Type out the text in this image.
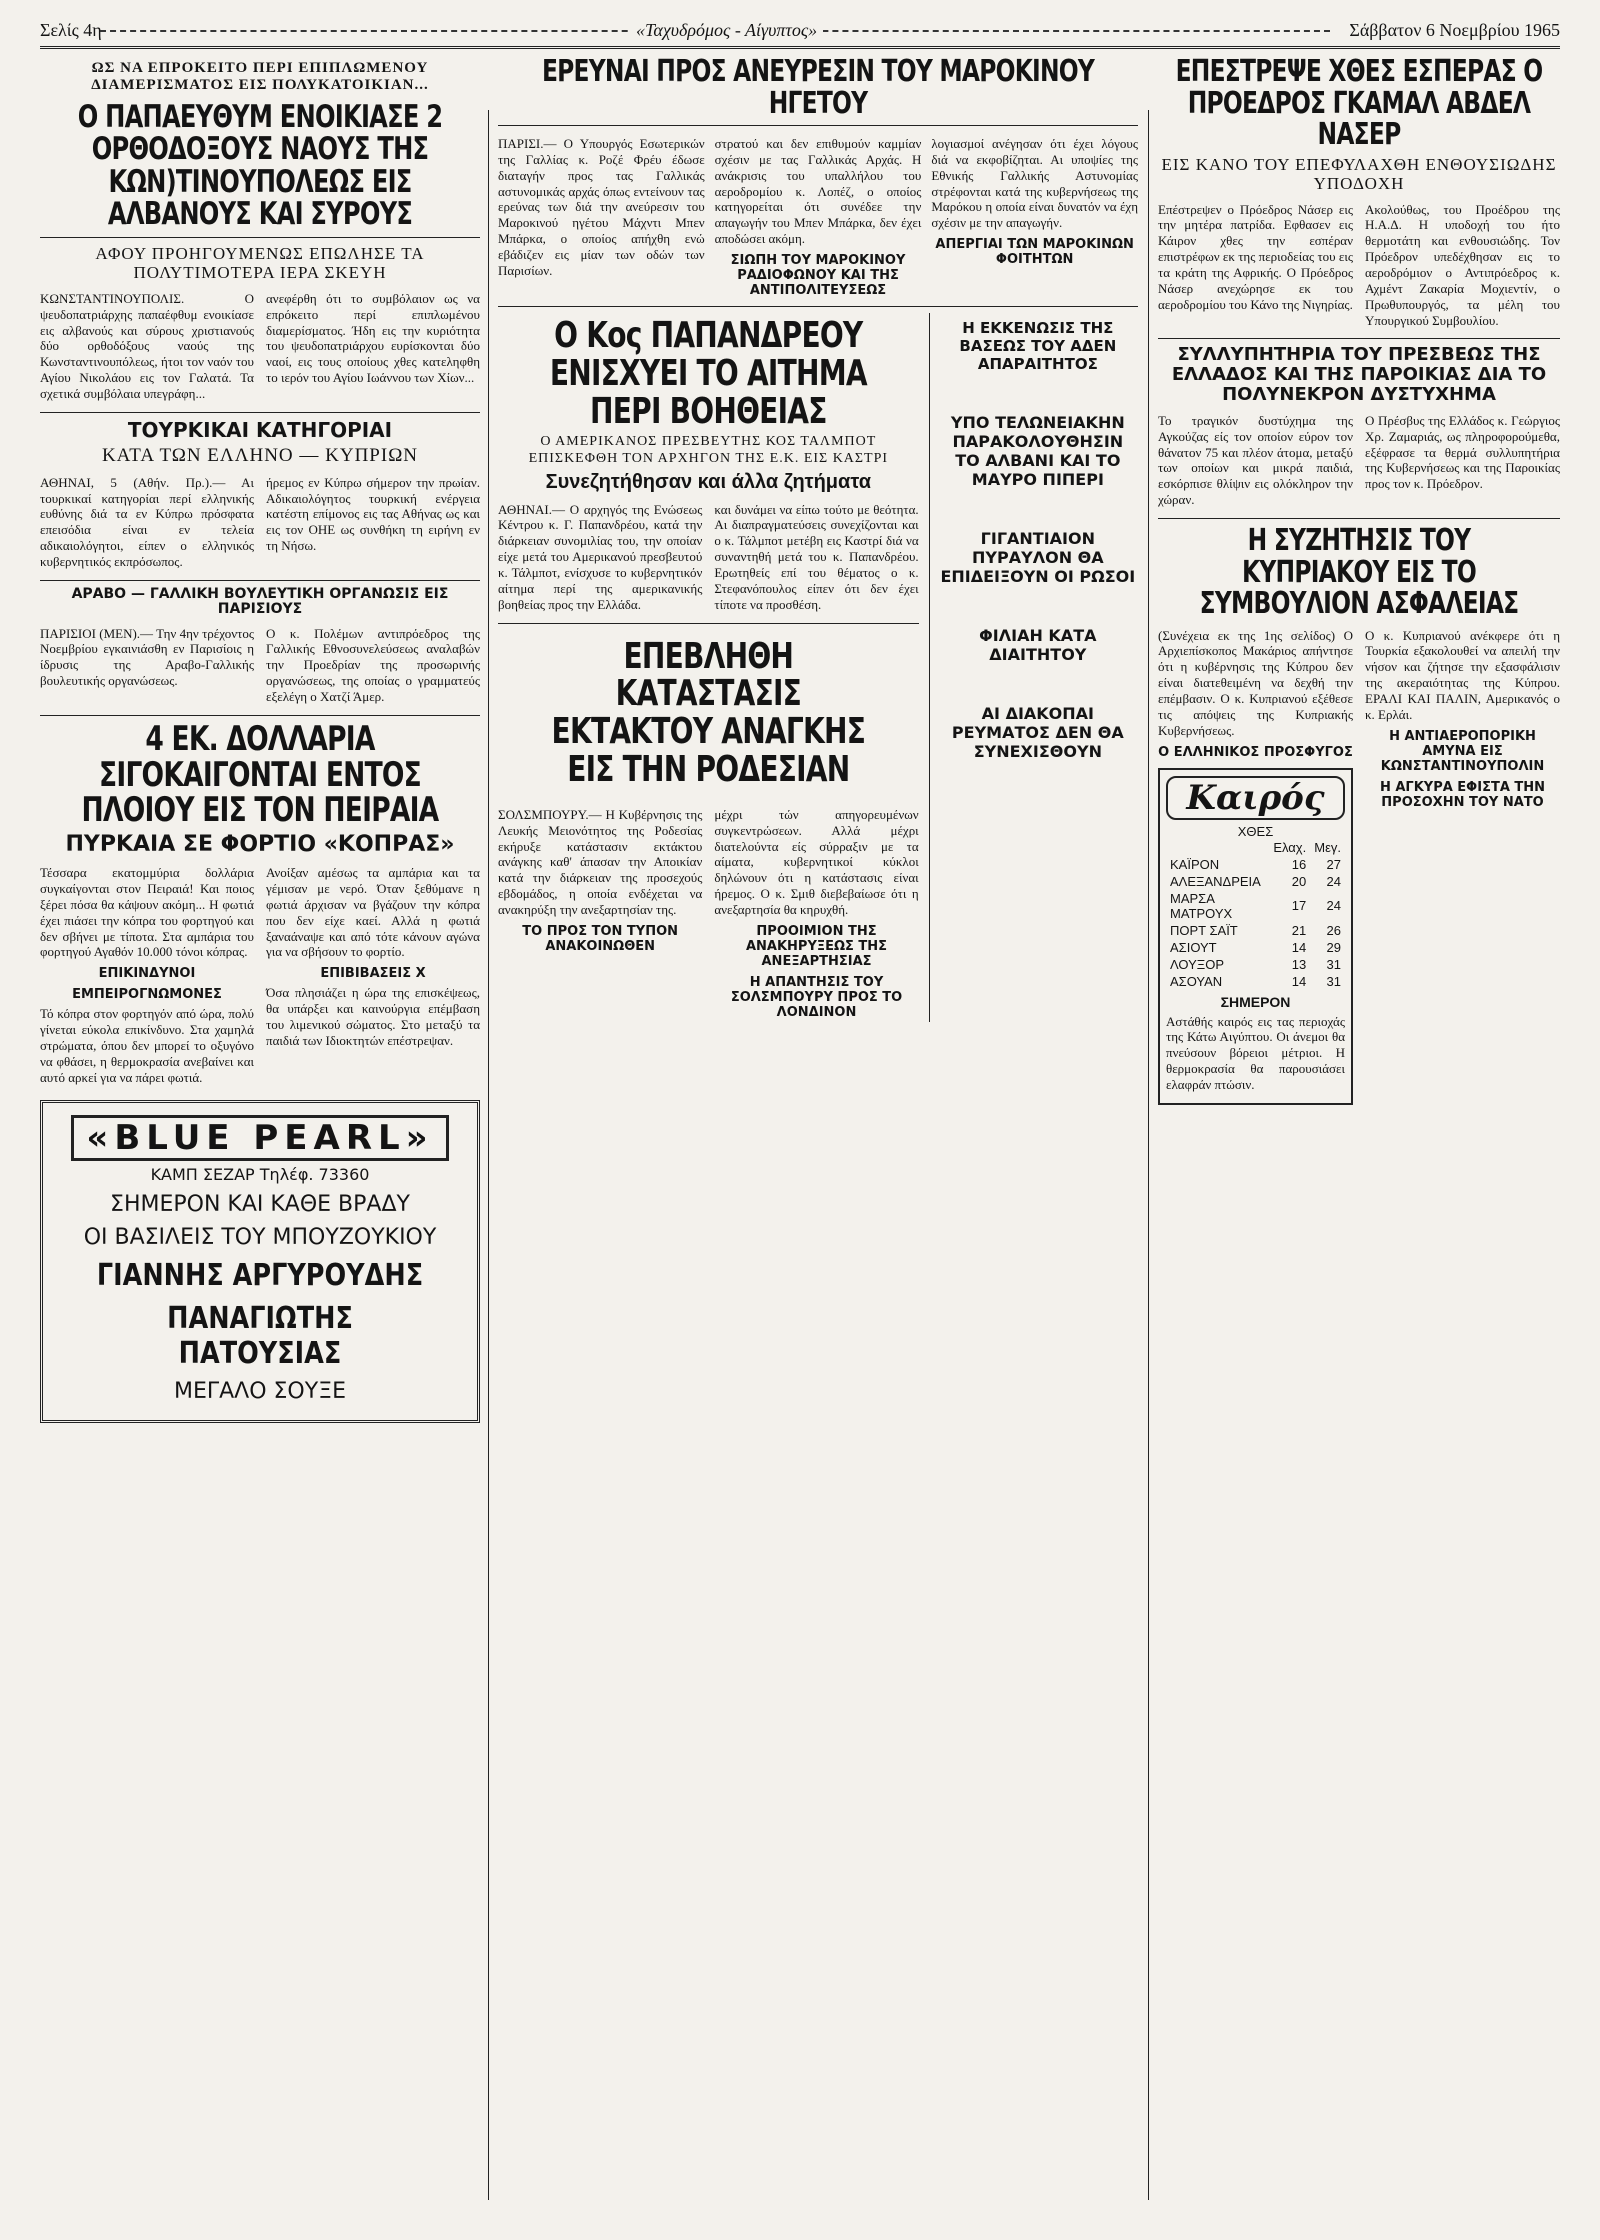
Σελίς 4η	«Ταχυδρόμος - Αίγυπτος»	Σάββατον 6 Νοεμβρίου 1965
ΩΣ ΝΑ ΕΠΡΟΚΕΙΤΟ ΠΕΡΙ ΕΠΙΠΛΩΜΕΝΟΥ ΔΙΑΜΕΡΙΣΜΑΤΟΣ ΕΙΣ ΠΟΛΥΚΑΤΟΙΚΙΑΝ...
Ο ΠΑΠΑΕΥΘΥΜ ΕΝΟΙΚΙΑΣΕ 2 ΟΡΘΟΔΟΞΟΥΣ ΝΑΟΥΣ ΤΗΣ ΚΩΝ)ΤΙΝΟΥΠΟΛΕΩΣ ΕΙΣ ΑΛΒΑΝΟΥΣ ΚΑΙ ΣΥΡΟΥΣ
ΑΦΟΥ ΠΡΟΗΓΟΥΜΕΝΩΣ ΕΠΩΛΗΣΕ ΤΑ ΠΟΛΥΤΙΜΟΤΕΡΑ ΙΕΡΑ ΣΚΕΥΗ
ΚΩΝΣΤΑΝΤΙΝΟΥΠΟΛΙΣ. Ο ψευδοπατριάρχης παπαέφθυμ ενοικίασε εις αλβανούς και σύρους χριστιανούς δύο ορθοδόξους ναούς της Κωνσταντινουπόλεως, ήτοι τον ναόν του Αγίου Νικολάου εις τον Γαλατά. Τα σχετικά συμβόλαια υπεγράφη...
ανεφέρθη ότι το συμβόλαιον ως να επρόκειτο περί επιπλωμένου διαμερίσματος. Ήδη εις την κυριότητα του ψευδοπατριάρχου ευρίσκονται δύο ναοί, εις τους οποίους χθες κατεληφθη το ιερόν του Αγίου Ιωάννου των Χίων...
ΤΟΥΡΚΙΚΑΙ ΚΑΤΗΓΟΡΙΑΙ
ΚΑΤΑ ΤΩΝ ΕΛΛΗΝΟ — ΚΥΠΡΙΩΝ
ΑΘΗΝΑΙ, 5 (Αθήν. Πρ.).— Αι τουρκικαί κατηγορίαι περί ελληνικής ευθύνης διά τα εν Κύπρω πρόσφατα επεισόδια είναι εν τελεία αδικαιολόγητοι, είπεν ο ελληνικός κυβερνητικός εκπρόσωπος.
ήρεμος εν Κύπρω σήμερον την πρωίαν. Αδικαιολόγητος τουρκική ενέργεια κατέστη επίμονος εις τας Αθήνας ως και εις τον ΟΗΕ ως συνθήκη τη ειρήνη εν τη Νήσω.
ΑΡΑΒΟ — ΓΑΛΛΙΚΗ ΒΟΥΛΕΥΤΙΚΗ ΟΡΓΑΝΩΣΙΣ ΕΙΣ ΠΑΡΙΣΙΟΥΣ
ΠΑΡΙΣΙΟΙ (ΜΕΝ).— Την 4ην τρέχοντος Νοεμβρίου εγκαινιάσθη εν Παρισίοις η ίδρυσις της Αραβο-Γαλλικής βουλευτικής οργανώσεως.
Ο κ. Πολέμων αντιπρόεδρος της Γαλλικής Εθνοσυνελεύσεως αναλαβών την Προεδρίαν της προσωρινής οργανώσεως, της οποίας ο γραμματεύς εξελέγη ο Χατζί Άμερ.
4 ΕΚ. ΔΟΛΛΑΡΙΑ ΣΙΓΟΚΑΙΓΟΝΤΑΙ ΕΝΤΟΣ ΠΛΟΙΟΥ ΕΙΣ ΤΟΝ ΠΕΙΡΑΙΑ
ΠΥΡΚΑΙΑ ΣΕ ΦΟΡΤΙΟ «ΚΟΠΡΑΣ»
Τέσσαρα εκατομμύρια δολλάρια συγκαίγονται στον Πειραιά! Και ποιος ξέρει πόσα θα κάψουν ακόμη... Η φωτιά έχει πιάσει την κόπρα του φορτηγού και δεν σβήνει με τίποτα. Στα αμπάρια του φορτηγού Αγαθόν 10.000 τόνοι κόπρας.
ΕΠΙΚΙΝΔΥΝΟΙ
ΕΜΠΕΙΡΟΓΝΩΜΟΝΕΣ
Τό κόπρα στον φορτηγόν από ώρα, πολύ γίνεται εύκολα επικίνδυνο. Στα χαμηλά στρώματα, όπου δεν μπορεί το οξυγόνο να φθάσει, η θερμοκρασία ανεβαίνει και αυτό αρκεί για να πάρει φωτιά.
Ανοίξαν αμέσως τα αμπάρια και τα γέμισαν με νερό. Όταν ξεθύμανε η φωτιά άρχισαν να βγάζουν την κόπρα που δεν είχε καεί. Αλλά η φωτιά ξαναάναψε και από τότε κάνουν αγώνα για να σβήσουν το φορτίο.
ΕΠΙΒΙΒΑΣΕΙΣ Χ
Όσα πλησιάζει η ώρα της επισκέψεως, θα υπάρξει και καινούργια επέμβαση του λιμενικού σώματος. Στο μεταξύ τα παιδιά των Ιδιοκτητών επέστρεψαν.
«BLUE PEARL»
ΚΑΜΠ ΣΕΖΑΡ Τηλέφ. 73360
ΣΗΜΕΡΟΝ ΚΑΙ ΚΑΘΕ ΒΡΑΔΥ
ΟΙ ΒΑΣΙΛΕΙΣ ΤΟΥ ΜΠΟΥΖΟΥΚΙΟΥ
ΓΙΑΝΝΗΣ ΑΡΓΥΡΟΥΔΗΣ
ΠΑΝΑΓΙΩΤΗΣ ΠΑΤΟΥΣΙΑΣ
ΜΕΓΑΛΟ ΣΟΥΞΕ
ΕΡΕΥΝΑΙ ΠΡΟΣ ΑΝΕΥΡΕΣΙΝ ΤΟΥ ΜΑΡΟΚΙΝΟΥ ΗΓΕΤΟΥ
ΠΑΡΙΣΙ.— Ο Υπουργός Εσωτερικών της Γαλλίας κ. Ροζέ Φρέυ έδωσε διαταγήν προς τας Γαλλικάς αστυνομικάς αρχάς όπως εντείνουν τας ερεύνας των διά την ανεύρεσιν του Μαροκινού ηγέτου Μάχντι Μπεν Μπάρκα, ο οποίος απήχθη ενώ εβάδιζεν εις μίαν των οδών των Παρισίων.
στρατού και δεν επιθυμούν καμμίαν σχέσιν με τας Γαλλικάς Αρχάς. Η ανάκρισις του υπαλλήλου του αεροδρομίου κ. Λοπέζ, ο οποίος κατηγορείται ότι συνέδεε την απαγωγήν του Μπεν Μπάρκα, δεν έχει αποδώσει ακόμη.
ΣΙΩΠΗ ΤΟΥ ΜΑΡΟΚΙΝΟΥ ΡΑΔΙΟΦΩΝΟΥ ΚΑΙ ΤΗΣ ΑΝΤΙΠΟΛΙΤΕΥΣΕΩΣ
λογιασμοί ανέγησαν ότι έχει λόγους διά να εκφοβίζηται. Αι υποψίες της Εθνικής Γαλλικής Αστυνομίας στρέφονται κατά της κυβερνήσεως της Μαρόκου η οποία είναι δυνατόν να έχη σχέσιν με την απαγωγήν.
ΑΠΕΡΓΙΑΙ ΤΩΝ ΜΑΡΟΚΙΝΩΝ ΦΟΙΤΗΤΩΝ
Ο Κος ΠΑΠΑΝΔΡΕΟΥ ΕΝΙΣΧΥΕΙ ΤΟ ΑΙΤΗΜΑ ΠΕΡΙ ΒΟΗΘΕΙΑΣ
Ο ΑΜΕΡΙΚΑΝΟΣ ΠΡΕΣΒΕΥΤΗΣ ΚΟΣ ΤΑΛΜΠΟΤ ΕΠΙΣΚΕΦΘΗ ΤΟΝ ΑΡΧΗΓΟΝ ΤΗΣ Ε.Κ. ΕΙΣ ΚΑΣΤΡΙ
Συνεζητήθησαν και άλλα ζητήματα
ΑΘΗΝΑΙ.— Ο αρχηγός της Ενώσεως Κέντρου κ. Γ. Παπανδρέου, κατά την διάρκειαν συνομιλίας του, την οποίαν είχε μετά του Αμερικανού πρεσβευτού κ. Τάλμποτ, ενίσχυσε το κυβερνητικόν αίτημα περί της αμερικανικής βοηθείας προς την Ελλάδα.
και δυνάμει να είπω τούτο με θεότητα. Αι διαπραγματεύσεις συνεχίζονται και ο κ. Τάλμποτ μετέβη εις Καστρί διά να συναντηθή μετά του κ. Παπανδρέου. Ερωτηθείς επί του θέματος ο κ. Στεφανόπουλος είπεν ότι δεν έχει τίποτε να προσθέση.
ΕΠΕΒΛΗΘΗ ΚΑΤΑΣΤΑΣΙΣ ΕΚΤΑΚΤΟΥ ΑΝΑΓΚΗΣ ΕΙΣ ΤΗΝ ΡΟΔΕΣΙΑΝ
ΣΟΛΣΜΠΟΥΡΥ.— Η Κυβέρνησις της Λευκής Μειονότητος της Ροδεσίας εκήρυξε κατάστασιν εκτάκτου ανάγκης καθ' άπασαν την Αποικίαν κατά την διάρκειαν της προσεχούς εβδομάδος, η οποία ενδέχεται να ανακηρύξη την ανεξαρτησίαν της.
ΤΟ ΠΡΟΣ ΤΟΝ ΤΥΠΟΝ ΑΝΑΚΟΙΝΩΘΕΝ
μέχρι τών απηγορευμένων συγκεντρώσεων. Αλλά μέχρι διατελούντα είς σύρραξιν με τα αίματα, κυβερνητικοί κύκλοι δηλώνουν ότι η κατάστασις είναι ήρεμος. Ο κ. Σμιθ διεβεβαίωσε ότι η ανεξαρτησία θα κηρυχθή.
ΠΡΟΟΙΜΙΟΝ ΤΗΣ ΑΝΑΚΗΡΥΞΕΩΣ ΤΗΣ ΑΝΕΞΑΡΤΗΣΙΑΣ
Η ΑΠΑΝΤΗΣΙΣ ΤΟΥ ΣΟΛΣΜΠΟΥΡΥ ΠΡΟΣ ΤΟ ΛΟΝΔΙΝΟΝ
Η ΕΚΚΕΝΩΣΙΣ ΤΗΣ ΒΑΣΕΩΣ ΤΟΥ ΑΔΕΝ ΑΠΑΡΑΙΤΗΤΟΣ
ΥΠΟ ΤΕΛΩΝΕΙΑΚΗΝ ΠΑΡΑΚΟΛΟΥΘΗΣΙΝ ΤΟ ΑΛΒΑΝΙ ΚΑΙ ΤΟ ΜΑΥΡΟ ΠΙΠΕΡΙ
ΓΙΓΑΝΤΙΑΙΟΝ ΠΥΡΑΥΛΟΝ ΘΑ ΕΠΙΔΕΙΞΟΥΝ ΟΙ ΡΩΣΟΙ
ΦΙΛΙΑΗ ΚΑΤΑ ΔΙΑΙΤΗΤΟΥ
ΑΙ ΔΙΑΚΟΠΑΙ ΡΕΥΜΑΤΟΣ ΔΕΝ ΘΑ ΣΥΝΕΧΙΣΘΟΥΝ
ΕΠΕΣΤΡΕΨΕ ΧΘΕΣ ΕΣΠΕΡΑΣ Ο ΠΡΟΕΔΡΟΣ ΓΚΑΜΑΛ ΑΒΔΕΛ ΝΑΣΕΡ
ΕΙΣ ΚΑΝΟ ΤΟΥ ΕΠΕΦΥΛΑΧΘΗ ΕΝΘΟΥΣΙΩΔΗΣ ΥΠΟΔΟΧΗ
Επέστρεψεν ο Πρόεδρος Νάσερ εις την μητέρα πατρίδα. Εφθασεν εις Κάιρον χθες την εσπέραν επιστρέφων εκ της περιοδείας του εις τα κράτη της Αφρικής. Ο Πρόεδρος Νάσερ ανεχώρησε εκ του αεροδρομίου του Κάνο της Νιγηρίας.
Ακολούθως, του Προέδρου της Η.Α.Δ. Η υποδοχή του ήτο θερμοτάτη και ενθουσιώδης. Τον Πρόεδρον υπεδέχθησαν εις το αεροδρόμιον ο Αντιπρόεδρος κ. Αχμέντ Ζακαρία Μοχιεντίν, ο Πρωθυπουργός, τα μέλη του Υπουργικού Συμβουλίου.
ΣΥΛΛΥΠΗΤΗΡΙΑ ΤΟΥ ΠΡΕΣΒΕΩΣ ΤΗΣ ΕΛΛΑΔΟΣ ΚΑΙ ΤΗΣ ΠΑΡΟΙΚΙΑΣ ΔΙΑ ΤΟ ΠΟΛΥΝΕΚΡΟΝ ΔΥΣΤΥΧΗΜΑ
Το τραγικόν δυστύχημα της Αγκούζας είς τον οποίον εύρον τον θάνατον 75 και πλέον άτομα, μεταξύ των οποίων και μικρά παιδιά, εσκόρπισε θλίψιν εις ολόκληρον την χώραν.
Ο Πρέσβυς της Ελλάδος κ. Γεώργιος Χρ. Ζαμαριάς, ως πληροφορούμεθα, εξέφρασε τα θερμά συλλυπητήρια της Κυβερνήσεως και της Παροικίας προς τον κ. Πρόεδρον.
Η ΣΥΖΗΤΗΣΙΣ ΤΟΥ ΚΥΠΡΙΑΚΟΥ ΕΙΣ ΤΟ ΣΥΜΒΟΥΛΙΟΝ ΑΣΦΑΛΕΙΑΣ
(Συνέχεια εκ της 1ης σελίδος) Ο Αρχιεπίσκοπος Μακάριος απήντησε ότι η κυβέρνησις της Κύπρου δεν είναι διατεθειμένη να δεχθή την επέμβασιν. Ο κ. Κυπριανού εξέθεσε τις απόψεις της Κυπριακής Κυβερνήσεως.
Ο ΕΛΛΗΝΙΚΟΣ ΠΡΟΣΦΥΓΟΣ
Καιρός
ΧΘΕΣ
	Ελαχ.	Μεγ.
ΚΑΪΡΟΝ	16	27
ΑΛΕΞΑΝΔΡΕΙΑ	20	24
ΜΑΡΣΑ ΜΑΤΡΟΥΧ	17	24
ΠΟΡΤ ΣΑΪΤ	21	26
ΑΣΙΟΥΤ	14	29
ΛΟΥΞΟΡ	13	31
ΑΣΟΥΑΝ	14	31
ΣΗΜΕΡΟΝ
Αστάθής καιρός εις τας περιοχάς της Κάτω Αιγύπτου. Οι άνεμοι θα πνεύσουν βόρειοι μέτριοι. Η θερμοκρασία θα παρουσιάσει ελαφράν πτώσιν.
Ο κ. Κυπριανού ανέκφερε ότι η Τουρκία εξακολουθεί να απειλή την νήσον και ζήτησε την εξασφάλισιν της ακεραιότητας της Κύπρου. ΕΡΑΛΙ ΚΑΙ ΠΑΛΙΝ, Αμερικανός ο κ. Ερλάι.
Η ΑΝΤΙΑΕΡΟΠΟΡΙΚΗ ΑΜΥΝΑ ΕΙΣ ΚΩΝΣΤΑΝΤΙΝΟΥΠΟΛΙΝ
Η ΑΓΚΥΡΑ ΕΦΙΣΤΑ ΤΗΝ ΠΡΟΣΟΧΗΝ ΤΟΥ ΝΑΤΟ
